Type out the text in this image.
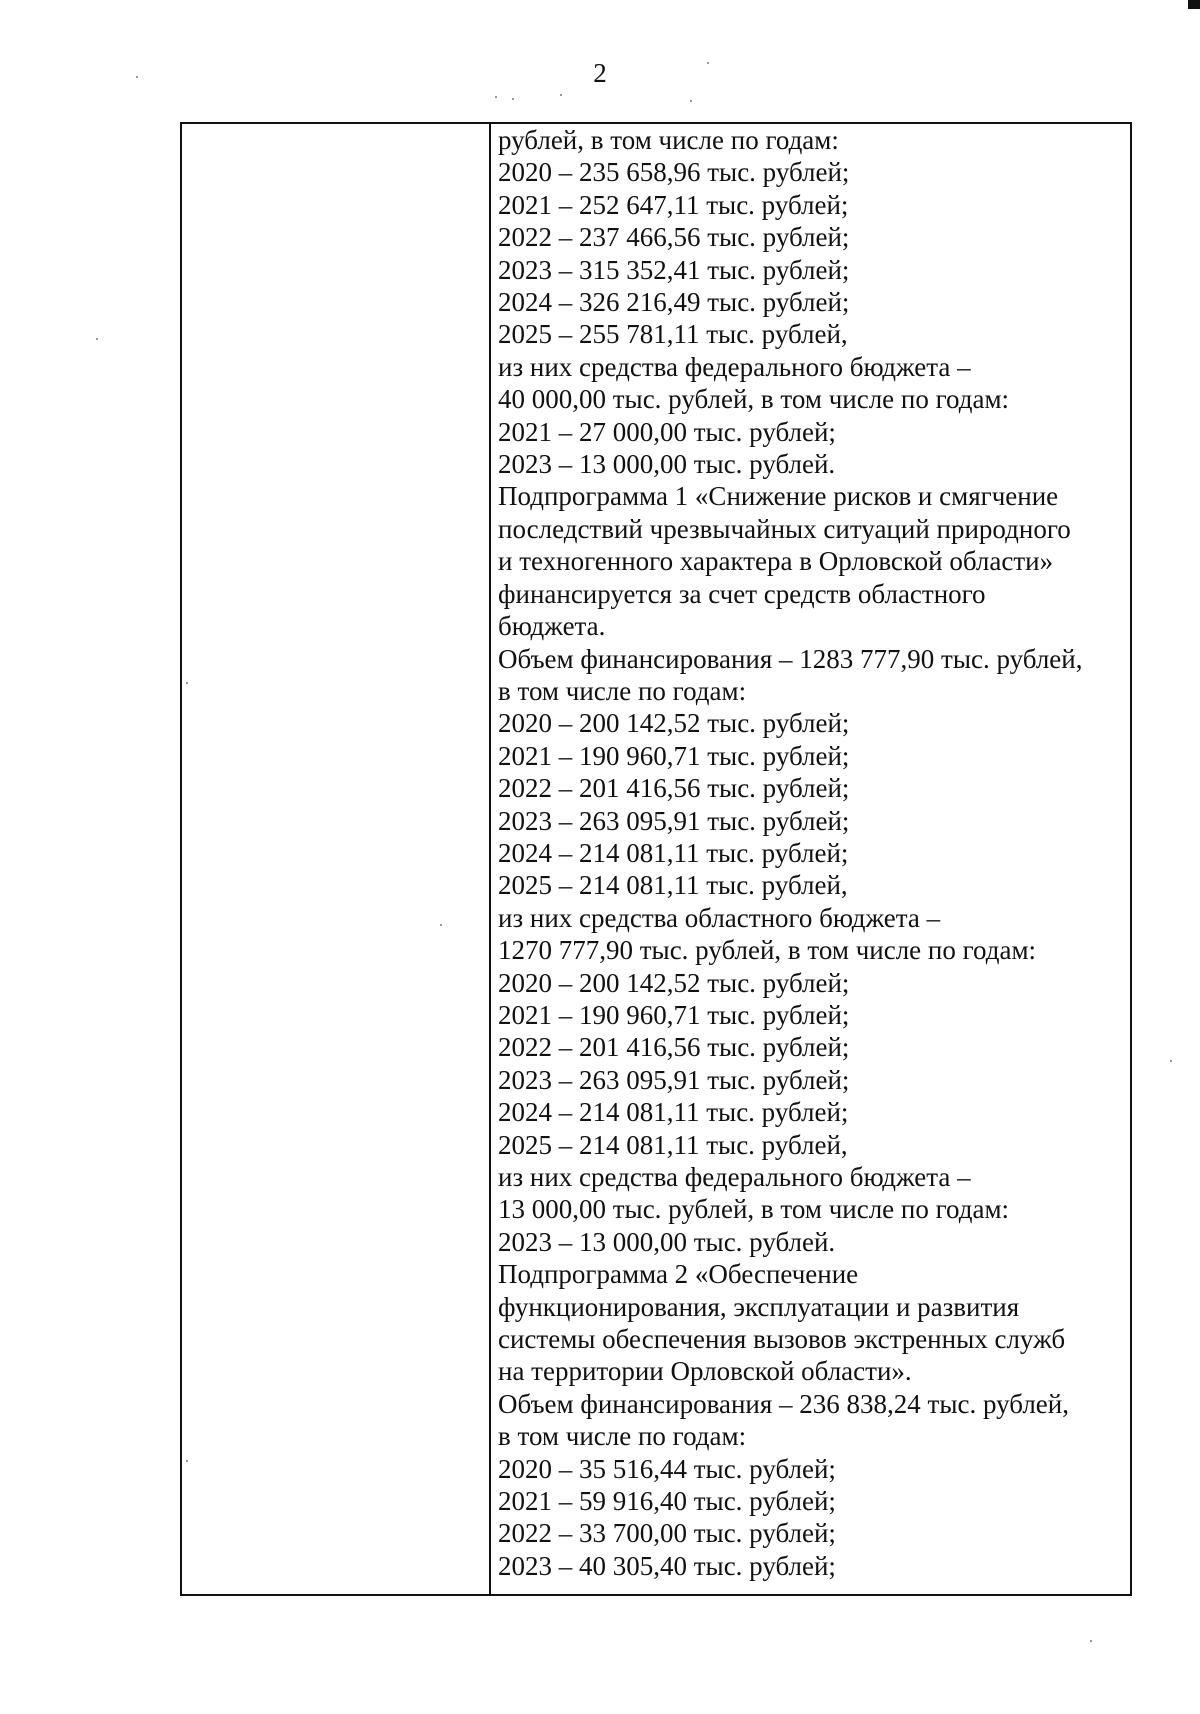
2
рублей, в том числе по годам:
2020 – 235 658,96 тыс. рублей;
2021 – 252 647,11 тыс. рублей;
2022 – 237 466,56 тыс. рублей;
2023 – 315 352,41 тыс. рублей;
2024 – 326 216,49 тыс. рублей;
2025 – 255 781,11 тыс. рублей,
из них средства федерального бюджета –
40 000,00 тыс. рублей, в том числе по годам:
2021 – 27 000,00 тыс. рублей;
2023 – 13 000,00 тыс. рублей.
Подпрограмма 1 «Снижение рисков и смягчение
последствий чрезвычайных ситуаций природного
и техногенного характера в Орловской области»
финансируется за счет средств областного
бюджета.
Объем финансирования – 1283 777,90 тыс. рублей,
в том числе по годам:
2020 – 200 142,52 тыс. рублей;
2021 – 190 960,71 тыс. рублей;
2022 – 201 416,56 тыс. рублей;
2023 – 263 095,91 тыс. рублей;
2024 – 214 081,11 тыс. рублей;
2025 – 214 081,11 тыс. рублей,
из них средства областного бюджета –
1270 777,90 тыс. рублей, в том числе по годам:
2020 – 200 142,52 тыс. рублей;
2021 – 190 960,71 тыс. рублей;
2022 – 201 416,56 тыс. рублей;
2023 – 263 095,91 тыс. рублей;
2024 – 214 081,11 тыс. рублей;
2025 – 214 081,11 тыс. рублей,
из них средства федерального бюджета –
13 000,00 тыс. рублей, в том числе по годам:
2023 – 13 000,00 тыс. рублей.
Подпрограмма 2 «Обеспечение
функционирования, эксплуатации и развития
системы обеспечения вызовов экстренных служб
на территории Орловской области».
Объем финансирования – 236 838,24 тыс. рублей,
в том числе по годам:
2020 – 35 516,44 тыс. рублей;
2021 – 59 916,40 тыс. рублей;
2022 – 33 700,00 тыс. рублей;
2023 – 40 305,40 тыс. рублей;
